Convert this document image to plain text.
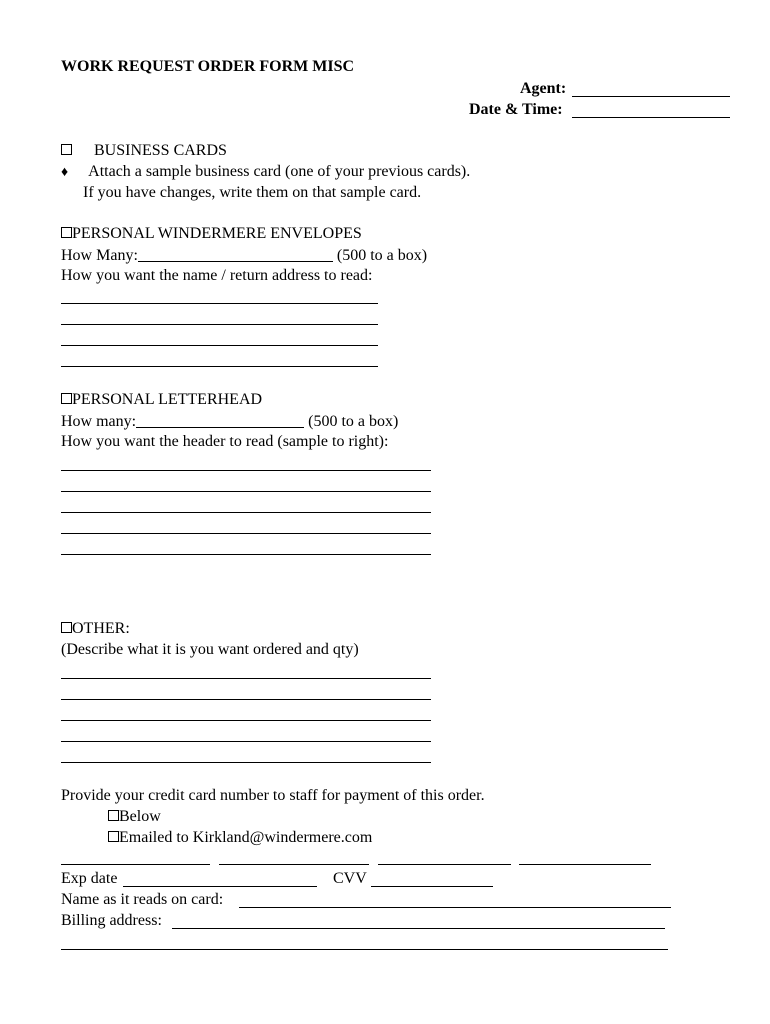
WORK REQUEST ORDER FORM MISC
Agent:
Date & Time:
BUSINESS CARDS
♦ Attach a sample business card (one of your previous cards).
If you have changes, write them on that sample card.
PERSONAL WINDERMERE ENVELOPES
How Many:	(500 to a box)
How you want the name / return address to read:
PERSONAL LETTERHEAD
How many:	(500 to a box)
How you want the header to read (sample to right):
OTHER:
(Describe what it is you want ordered and qty)
Provide your credit card number to staff for payment of this order.
Below
Emailed to Kirkland@windermere.com
Exp date	CVV
Name as it reads on card:
Billing address:
